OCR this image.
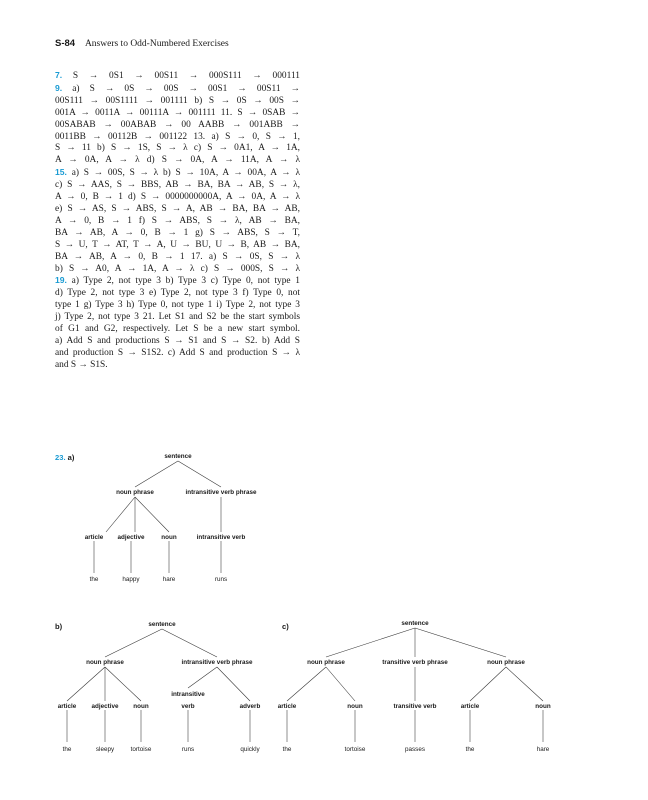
S-84 Answers to Odd-Numbered Exercises
7. S → 0S1 → 00S11 → 000S111 → 000111
9. a) S → 0S → 00S → 00S1 → 00S11 →
00S111 → 00S1111 → 001111 b) S → 0S → 00S →
001A → 0011A → 00111A → 001111 11. S → 0SAB →
00SABAB → 00ABAB → 00 AABB → 001ABB →
0011BB → 00112B → 001122 13. a) S → 0, S → 1,
S → 11 b) S → 1S, S → λ c) S → 0A1, A → 1A,
A → 0A, A → λ d) S → 0A, A → 11A, A → λ
15. a) S → 00S, S → λ b) S → 10A, A → 00A, A → λ
c) S → AAS, S → BBS, AB → BA, BA → AB, S → λ,
A → 0, B → 1 d) S → 0000000000A, A → 0A, A → λ
e) S → AS, S → ABS, S → A, AB → BA, BA → AB,
A → 0, B → 1 f) S → ABS, S → λ, AB → BA,
BA → AB, A → 0, B → 1 g) S → ABS, S → T,
S → U, T → AT, T → A, U → BU, U → B, AB → BA,
BA → AB, A → 0, B → 1 17. a) S → 0S, S → λ
b) S → A0, A → 1A, A → λ c) S → 000S, S → λ
19. a) Type 2, not type 3 b) Type 3 c) Type 0, not type 1
d) Type 2, not type 3 e) Type 2, not type 3 f) Type 0, not
type 1 g) Type 3 h) Type 0, not type 1 i) Type 2, not type 3
j) Type 2, not type 3 21. Let S1 and S2 be the start symbols
of G1 and G2, respectively. Let S be a new start symbol.
a) Add S and productions S → S1 and S → S2. b) Add S
and production S → S1S2. c) Add S and production S → λ
and S → S1S.
23. a)
b)	c)
sentence
noun phrase	intransitive verb phrase
article adjective	noun	intransitive verb
the	happy	hare	runs
sentence
noun phrase	intransitive verb phrase
article adjective noun
intransitive
verb	adverb
the	sleepy	tortoise	runs	quickly
sentence
noun phrase	transitive verb phrase	noun phrase
article	noun	transitive verb	article	noun
the	tortoise	passes	the	hare
